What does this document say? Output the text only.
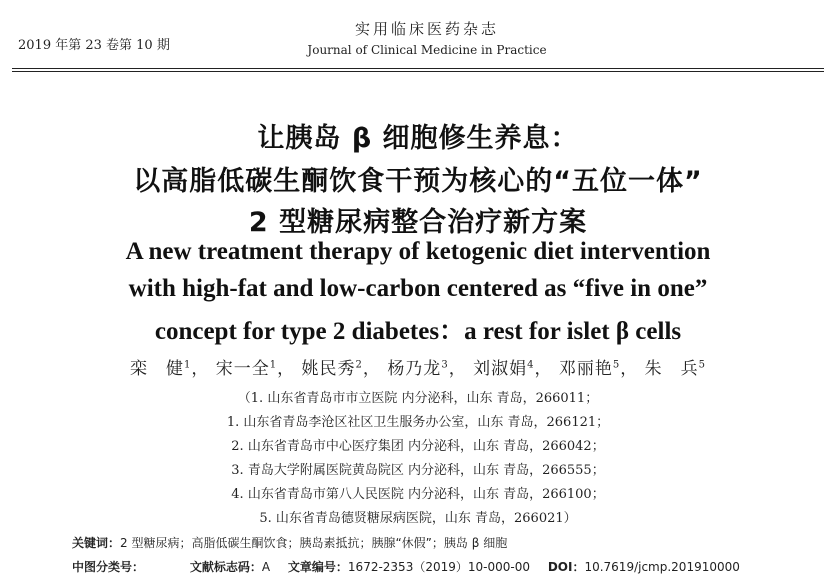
2019 年第 23 卷第 10 期
实用临床医药杂志
Journal of Clinical Medicine in Practice
让胰岛 β 细胞修生养息：
以高脂低碳生酮饮食干预为核心的“五位一体”
2 型糖尿病整合治疗新方案
A new treatment therapy of ketogenic diet intervention
with high-fat and low-carbon centered as “five in one”
concept for type 2 diabetes：a rest for islet β cells
栾　健$^1$， 宋一全$^1$， 姚民秀$^2$， 杨乃龙$^3$， 刘淑娟$^4$， 邓丽艳$^5$， 朱　兵$^5$
（1. 山东省青岛市市立医院 内分泌科，山东 青岛，266011；
1. 山东省青岛李沧区社区卫生服务办公室，山东 青岛，266121；
2. 山东省青岛市中心医疗集团 内分泌科，山东 青岛，266042；
3. 青岛大学附属医院黄岛院区 内分泌科，山东 青岛，266555；
4. 山东省青岛市第八人民医院 内分泌科，山东 青岛，266100；
5. 山东省青岛德贤糖尿病医院，山东 青岛，266021）
关键词：2 型糖尿病；高脂低碳生酮饮食；胰岛素抵抗；胰腺“休假”；胰岛 β 细胞
中图分类号：	文献标志码：A 文章编号：1672-2353（2019）10-000-00 DOI：10.7619/jcmp.201910000
